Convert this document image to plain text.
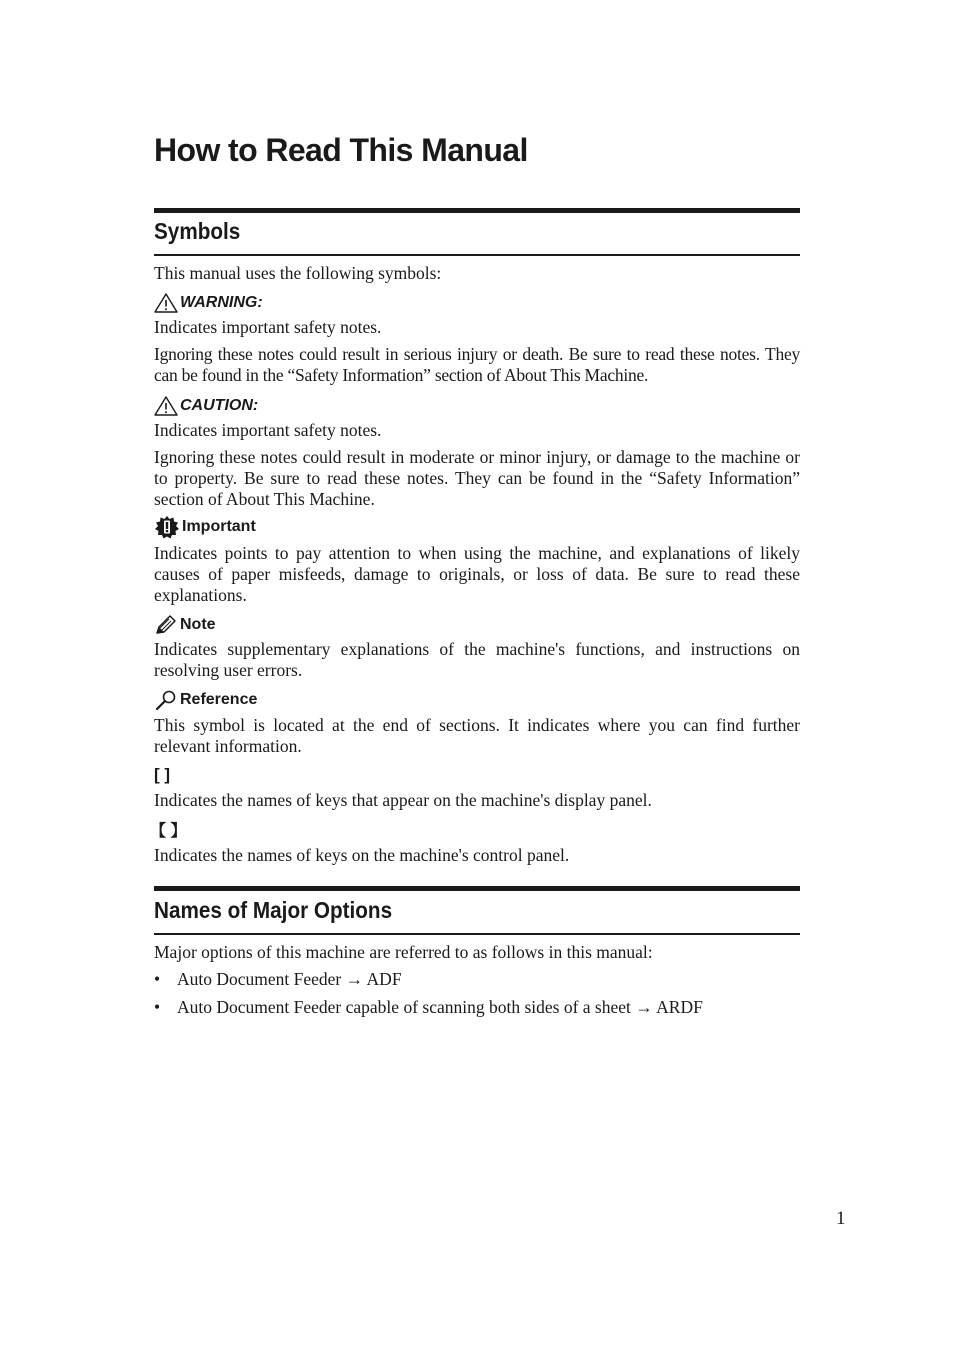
How to Read This Manual
Symbols

This manual uses the following symbols:

WARNING:

Indicates important safety notes.

Ignoring these notes could result in serious injury or death. Be sure to read these notes. They can be found in the “Safety Information” section of About This Machine.

CAUTION:

Indicates important safety notes.

Ignoring these notes could result in moderate or minor injury, or damage to the machine or to property. Be sure to read these notes. They can be found in the “Safety Information” section of About This Machine.

Important

Indicates points to pay attention to when using the machine, and explanations of likely causes of paper misfeeds, damage to originals, or loss of data. Be sure to read these explanations.

Note

Indicates supplementary explanations of the machine's functions, and instructions on resolving user errors.

Reference

This symbol is located at the end of sections. It indicates where you can find further relevant information.

[ ]

Indicates the names of keys that appear on the machine's display panel.

【 】

Indicates the names of keys on the machine's control panel.

Names of Major Options

Major options of this machine are referred to as follows in this manual:

• Auto Document Feeder → ADF
• Auto Document Feeder capable of scanning both sides of a sheet → ARDF
1
